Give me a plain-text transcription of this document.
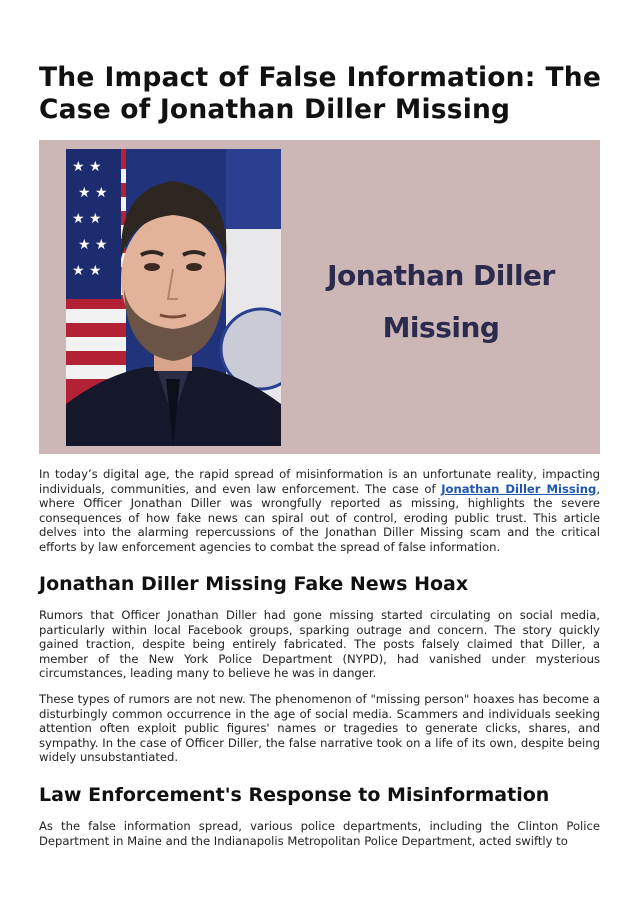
The Impact of False Information: The Case of Jonathan Diller Missing
★ ★
★ ★
★ ★
★ ★
★ ★	Jonathan Diller
Missing

In today’s digital age, the rapid spread of misinformation is an unfortunate reality, impacting individuals, communities, and even law enforcement. The case of Jonathan Diller Missing, where Officer Jonathan Diller was wrongfully reported as missing, highlights the severe consequences of how fake news can spiral out of control, eroding public trust. This article delves into the alarming repercussions of the Jonathan Diller Missing scam and the critical efforts by law enforcement agencies to combat the spread of false information.

Jonathan Diller Missing Fake News Hoax

Rumors that Officer Jonathan Diller had gone missing started circulating on social media, particularly within local Facebook groups, sparking outrage and concern. The story quickly gained traction, despite being entirely fabricated. The posts falsely claimed that Diller, a member of the New York Police Department (NYPD), had vanished under mysterious circumstances, leading many to believe he was in danger.

These types of rumors are not new. The phenomenon of "missing person" hoaxes has become a disturbingly common occurrence in the age of social media. Scammers and individuals seeking attention often exploit public figures' names or tragedies to generate clicks, shares, and sympathy. In the case of Officer Diller, the false narrative took on a life of its own, despite being widely unsubstantiated.

Law Enforcement's Response to Misinformation

As the false information spread, various police departments, including the Clinton Police Department in Maine and the Indianapolis Metropolitan Police Department, acted swiftly to
